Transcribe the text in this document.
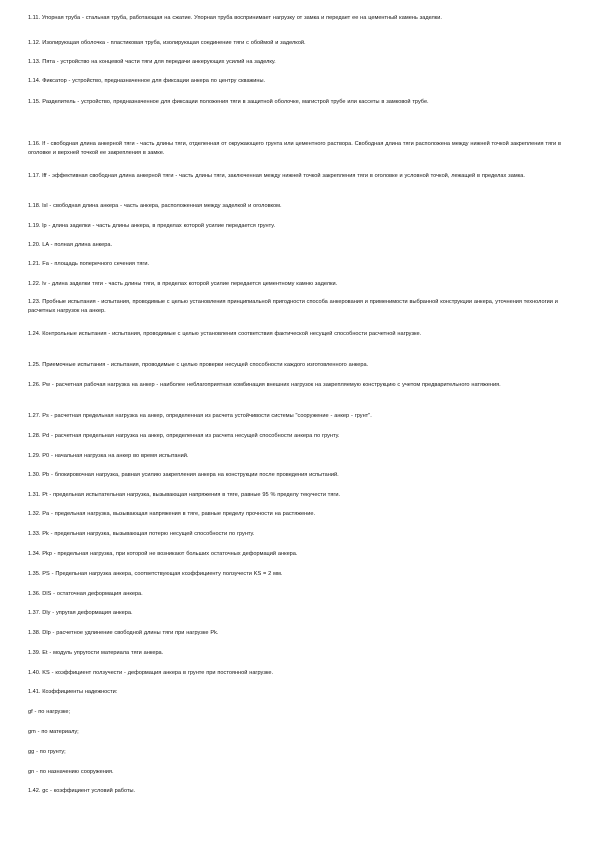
1.11. Упорная труба - стальная труба, работающая на сжатие. Упорная труба воспринимает нагрузку от замка и передает ее на цементный камень заделки.

1.12. Изолирующая оболочка - пластиковая труба, изолирующая соединение тяги с обоймой и заделкой.

1.13. Пята - устройство на концевой части тяги для передачи анкерующих усилий на заделку.

1.14. Фиксатор - устройство, предназначенное для фиксации анкера по центру скважины.

1.15. Разделитель - устройство, предназначенное для фиксации положения тяги в защитной оболочке, магистрой трубе или кассеты в замковой трубе.

1.16. lf - свободная длина анкерной тяги - часть длины тяги, отделенная от окружающего грунта или цементного раствора. Свободная длина тяги расположена между нижней точкой закрепления тяги в оголовке и верхней точкой ее закрепления в замке.

1.17. lff - эффективная свободная длина анкерной тяги - часть длины тяги, заключенная между нижней точкой закрепления тяги в оголовке и условной точкой, лежащей в пределах замка.

1.18. lsl - свободная длина анкера - часть анкера, расположенная между заделкой и оголовком.

1.19. lp - длина заделки - часть длины анкера, в пределах которой усилие передается грунту.

1.20. LA - полная длина анкера.

1.21. Fa - площадь поперечного сечения тяги.

1.22. lv - длина заделки тяги - часть длины тяги, в пределах которой усилие передается цементному камню заделки.

1.23. Пробные испытания - испытания, проводимые с целью установления принципиальной пригодности способа анкерования и применимости выбранной конструкции анкера, уточнения технологии и расчетных нагрузок на анкер.

1.24. Контрольные испытания - испытания, проводимые с целью установления соответствия фактической несущей способности расчетной нагрузке.

1.25. Приемочные испытания - испытания, проводимые с целью проверки несущей способности каждого изготовленного анкера.

1.26. Pw - расчетная рабочая нагрузка на анкер - наиболее неблагоприятная комбинация внешних нагрузок на закрепляемую конструкцию с учетом предварительного натяжения.

1.27. Ps - расчетная предельная нагрузка на анкер, определенная из расчета устойчивости системы "сооружение - анкер - грунт".

1.28. Pd - расчетная предельная нагрузка на анкер, определенная из расчета несущей способности анкера по грунту.

1.29. P0 - начальная нагрузка на анкер во время испытаний.

1.30. Pb - блокировочная нагрузка, равная усилию закрепления анкера на конструкции после проведения испытаний.

1.31. Pt - предельная испытательная нагрузка, вызывающая напряжения в тяге, равные 95 % пределу текучести тяги.

1.32. Pa - предельная нагрузка, вызывающая напряжения в тяге, равные пределу прочности на растяжение.

1.33. Pk - предельная нагрузка, вызывающая потерю несущей способности по грунту.

1.34. Pkp - предельная нагрузка, при которой не возникают больших остаточных деформаций анкера.

1.35. PS - Предельная нагрузка анкера, соответствующая коэффициенту ползучести KS = 2 мм.

1.36. DlS - остаточная деформация анкера.

1.37. Dly - упругая деформация анкера.

1.38. Dlp - расчетное удлинение свободной длины тяги при нагрузке Pk.

1.39. Et - модуль упругости материала тяги анкера.

1.40. KS - коэффициент ползучести - деформация анкера в грунте при постоянной нагрузке.

1.41. Коэффициенты надежности:

gf - по нагрузке;

gm - по материалу;

gg - по грунту;

gn - по назначению сооружения.

1.42. gc - коэффициент условий работы.
